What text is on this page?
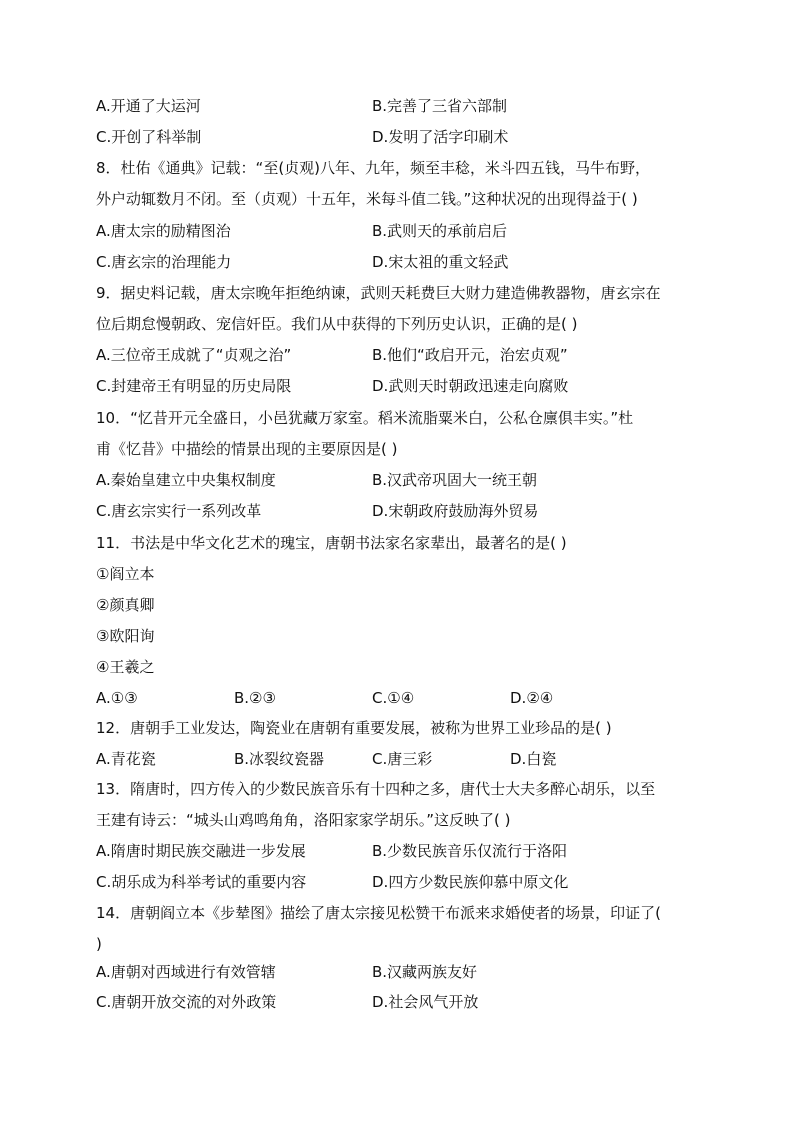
A.开通了大运河	B.完善了三省六部制
C.开创了科举制	D.发明了活字印刷术
8．杜佑《通典》记载：“至(贞观)八年、九年，频至丰稔，米斗四五钱，马牛布野，
外户动辄数月不闭。至（贞观）十五年，米每斗值二钱。”这种状况的出现得益于( )
A.唐太宗的励精图治	B.武则天的承前启后
C.唐玄宗的治理能力	D.宋太祖的重文轻武
9．据史料记载，唐太宗晚年拒绝纳谏，武则天耗费巨大财力建造佛教器物，唐玄宗在
位后期怠慢朝政、宠信奸臣。我们从中获得的下列历史认识，正确的是( )
A.三位帝王成就了“贞观之治”	B.他们“政启开元，治宏贞观”
C.封建帝王有明显的历史局限	D.武则天时朝政迅速走向腐败
10．“忆昔开元全盛日，小邑犹藏万家室。稻米流脂粟米白，公私仓廪俱丰实。”杜
甫《忆昔》中描绘的情景出现的主要原因是( )
A.秦始皇建立中央集权制度	B.汉武帝巩固大一统王朝
C.唐玄宗实行一系列改革	D.宋朝政府鼓励海外贸易
11．书法是中华文化艺术的瑰宝，唐朝书法家名家辈出，最著名的是( )
①阎立本
②颜真卿
③欧阳询
④王羲之
A.①③	B.②③	C.①④	D.②④
12．唐朝手工业发达，陶瓷业在唐朝有重要发展，被称为世界工业珍品的是( )
A.青花瓷	B.冰裂纹瓷器	C.唐三彩	D.白瓷
13．隋唐时，四方传入的少数民族音乐有十四种之多，唐代士大夫多醉心胡乐，以至
王建有诗云：“城头山鸡鸣角角，洛阳家家学胡乐。”这反映了( )
A.隋唐时期民族交融进一步发展	B.少数民族音乐仅流行于洛阳
C.胡乐成为科举考试的重要内容	D.四方少数民族仰慕中原文化
14．唐朝阎立本《步辇图》描绘了唐太宗接见松赞干布派来求婚使者的场景，印证了(
)
A.唐朝对西域进行有效管辖	B.汉藏两族友好
C.唐朝开放交流的对外政策	D.社会风气开放
